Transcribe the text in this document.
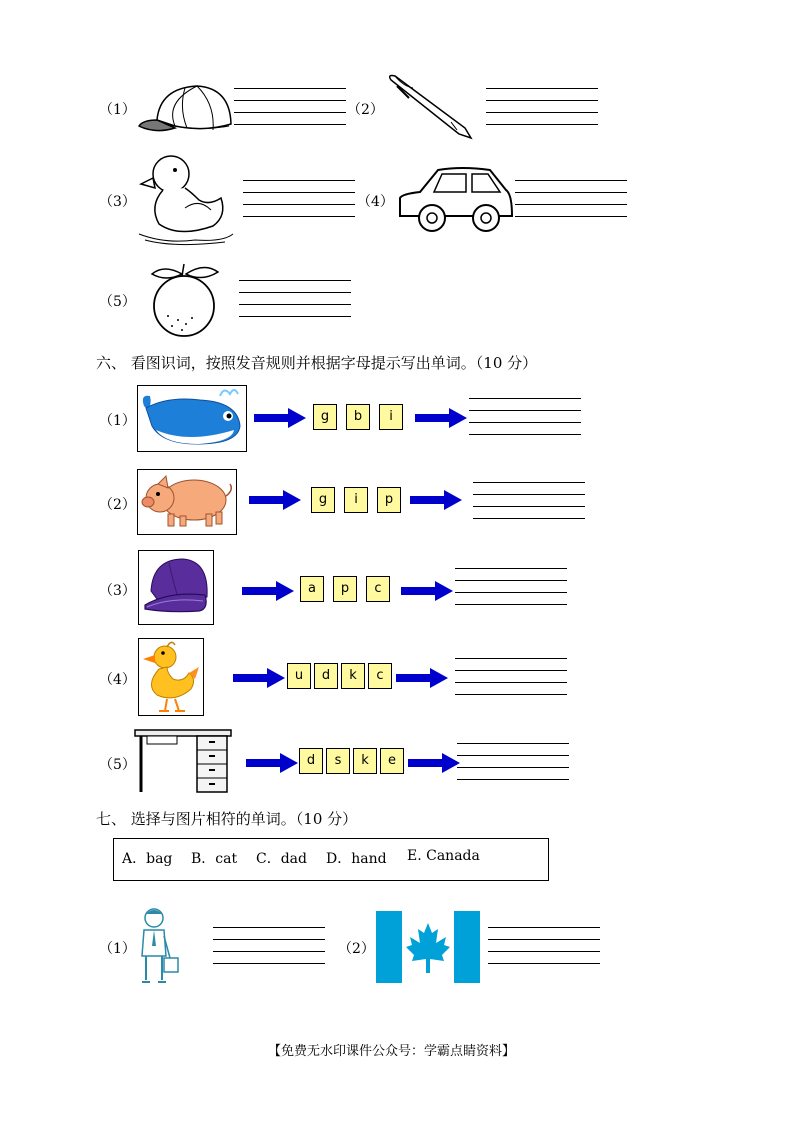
（1）	（2）
（3）	（4）
（5）
六、 看图识词，按照发音规则并根据字母提示写出单词。（10 分）
（1）	g	b	i
（2）	g	i	p
（3）	a	p	c
（4）	u	d	k	c
（5）	d	s	k	e
七、 选择与图片相符的单词。（10 分）
A．bag B．cat C．dad D．hand E. Canada
（1）	（2）
【免费无水印课件公众号：学霸点睛资料】
